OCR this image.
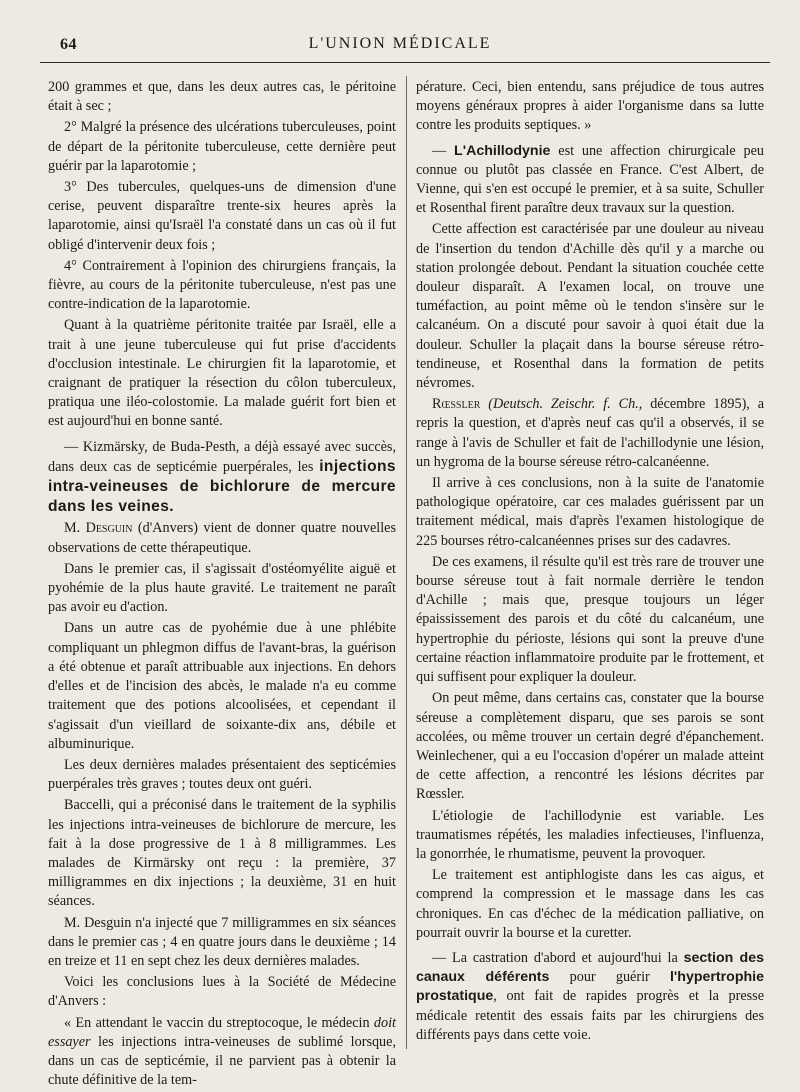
64	L'UNION MÉDICALE

200 grammes et que, dans les deux autres cas, le péritoine était à sec ;

2° Malgré la présence des ulcérations tuberculeuses, point de départ de la péritonite tuberculeuse, cette dernière peut guérir par la laparotomie ;

3° Des tubercules, quelques-uns de dimension d'une cerise, peuvent disparaître trente-six heures après la laparotomie, ainsi qu'Israël l'a constaté dans un cas où il fut obligé d'intervenir deux fois ;

4° Contrairement à l'opinion des chirurgiens français, la fièvre, au cours de la péritonite tuberculeuse, n'est pas une contre-indication de la laparotomie.

Quant à la quatrième péritonite traitée par Israël, elle a trait à une jeune tuberculeuse qui fut prise d'accidents d'occlusion intestinale. Le chirurgien fit la laparotomie, et craignant de pratiquer la résection du côlon tuberculeux, pratiqua une iléo-colostomie. La malade guérit fort bien et est aujourd'hui en bonne santé.

— Kizmärsky, de Buda-Pesth, a déjà essayé avec succès, dans deux cas de septicémie puerpérales, les injections intra-veineuses de bichlorure de mercure dans les veines.

M. Desguin (d'Anvers) vient de donner quatre nouvelles observations de cette thérapeutique.

Dans le premier cas, il s'agissait d'ostéomyélite aiguë et pyohémie de la plus haute gravité. Le traitement ne paraît pas avoir eu d'action.

Dans un autre cas de pyohémie due à une phlébite compliquant un phlegmon diffus de l'avant-bras, la guérison a été obtenue et paraît attribuable aux injections. En dehors d'elles et de l'incision des abcès, le malade n'a eu comme traitement que des potions alcoolisées, et cependant il s'agissait d'un vieillard de soixante-dix ans, débile et albuminurique.

Les deux dernières malades présentaient des septicémies puerpérales très graves ; toutes deux ont guéri.

Baccelli, qui a préconisé dans le traitement de la syphilis les injections intra-veineuses de bichlorure de mercure, les fait à la dose progressive de 1 à 8 milligrammes. Les malades de Kirmärsky ont reçu : la première, 37 milligrammes en dix injections ; la deuxième, 31 en huit séances.

M. Desguin n'a injecté que 7 milligrammes en six séances dans le premier cas ; 4 en quatre jours dans le deuxième ; 14 en treize et 11 en sept chez les deux dernières malades.

Voici les conclusions lues à la Société de Médecine d'Anvers :

« En attendant le vaccin du streptocoque, le médecin doit essayer les injections intra-veineuses de sublimé lorsque, dans un cas de septicémie, il ne parvient pas à obtenir la chute définitive de la tem-

pérature. Ceci, bien entendu, sans préjudice de tous autres moyens généraux propres à aider l'organisme dans sa lutte contre les produits septiques. »

— L'Achillodynie est une affection chirurgicale peu connue ou plutôt pas classée en France. C'est Albert, de Vienne, qui s'en est occupé le premier, et à sa suite, Schuller et Rosenthal firent paraître deux travaux sur la question.

Cette affection est caractérisée par une douleur au niveau de l'insertion du tendon d'Achille dès qu'il y a marche ou station prolongée debout. Pendant la situation couchée cette douleur disparaît. A l'examen local, on trouve une tuméfaction, au point même où le tendon s'insère sur le calcanéum. On a discuté pour savoir à quoi était due la douleur. Schuller la plaçait dans la bourse séreuse rétro-tendineuse, et Rosenthal dans la formation de petits névromes.

Rœssler (Deutsch. Zeischr. f. Ch., décembre 1895), a repris la question, et d'après neuf cas qu'il a observés, il se range à l'avis de Schuller et fait de l'achillodynie une lésion, un hygroma de la bourse séreuse rétro-calcanéenne.

Il arrive à ces conclusions, non à la suite de l'anatomie pathologique opératoire, car ces malades guérissent par un traitement médical, mais d'après l'examen histologique de 225 bourses rétro-calcanéennes prises sur des cadavres.

De ces examens, il résulte qu'il est très rare de trouver une bourse séreuse tout à fait normale derrière le tendon d'Achille ; mais que, presque toujours un léger épaississement des parois et du côté du calcanéum, une hypertrophie du périoste, lésions qui sont la preuve d'une certaine réaction inflammatoire produite par le frottement, et qui suffisent pour expliquer la douleur.

On peut même, dans certains cas, constater que la bourse séreuse a complètement disparu, que ses parois se sont accolées, ou même trouver un certain degré d'épanchement. Weinlechener, qui a eu l'occasion d'opérer un malade atteint de cette affection, a rencontré les lésions décrites par Rœssler.

L'étiologie de l'achillodynie est variable. Les traumatismes répétés, les maladies infectieuses, l'influenza, la gonorrhée, le rhumatisme, peuvent la provoquer.

Le traitement est antiphlogiste dans les cas aigus, et comprend la compression et le massage dans les cas chroniques. En cas d'échec de la médication palliative, on pourrait ouvrir la bourse et la curetter.

— La castration d'abord et aujourd'hui la section des canaux déférents pour guérir l'hypertrophie prostatique, ont fait de rapides progrès et la presse médicale retentit des essais faits par les chirurgiens des différents pays dans cette voie.
